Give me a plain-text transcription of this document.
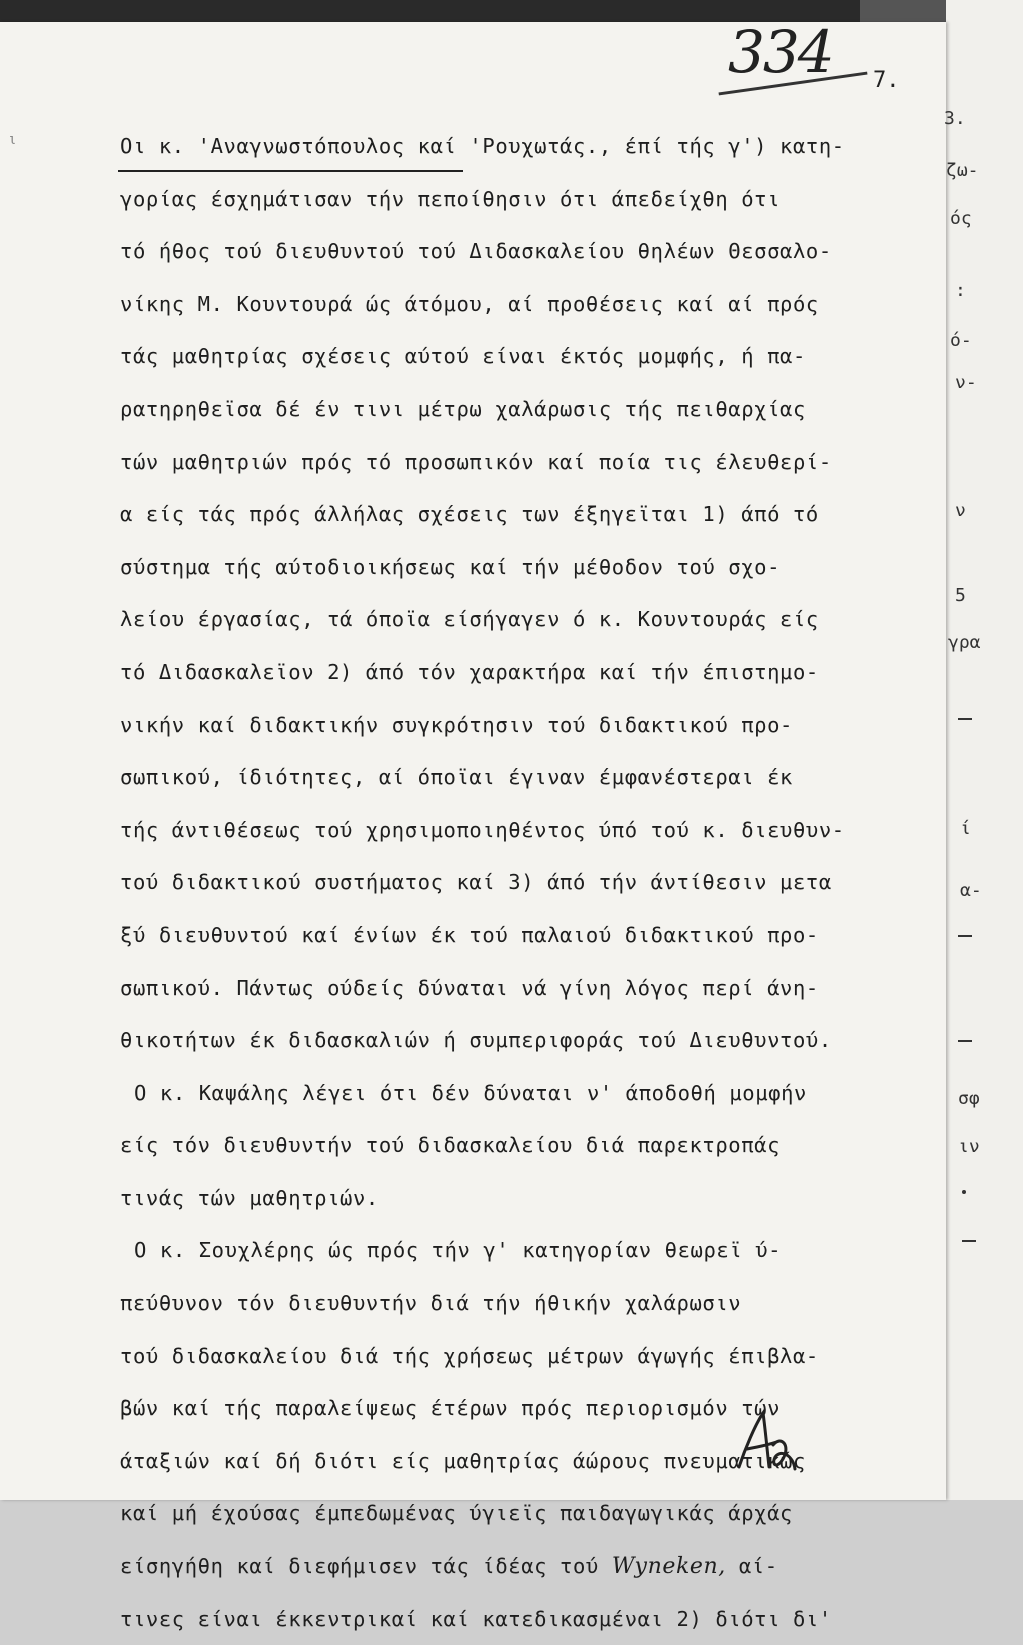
ι
334 7.
Οι κ. 'Αναγνωστόπουλος καί 'Ρουχωτάς., έπί τής γ') κατη-
γορίας έσχημάτισαν τήν πεποίθησιν ότι άπεδείχθη ότι
τό ήθος τού διευθυντού τού Διδασκαλείου θηλέων Θεσσαλο-
νίκης Μ. Κουντουρά ώς άτόμου, αί προθέσεις καί αί πρός
τάς μαθητρίας σχέσεις αύτού είναι έκτός μομφής, ή πα-
ρατηρηθεϊσα δέ έν τινι μέτρω χαλάρωσις τής πειθαρχίας
τών μαθητριών πρός τό προσωπικόν καί ποία τις έλευθερί-
α είς τάς πρός άλλήλας σχέσεις των έξηγεϊται 1) άπό τό
σύστημα τής αύτοδιοικήσεως καί τήν μέθοδον τού σχο-
λείου έργασίας, τά όποϊα είσήγαγεν ό κ. Κουντουράς είς
τό Διδασκαλεϊον 2) άπό τόν χαρακτήρα καί τήν έπιστημο-
νικήν καί διδακτικήν συγκρότησιν τού διδακτικού προ-
σωπικού, ίδιότητες, αί όποϊαι έγιναν έμφανέστεραι έκ
τής άντιθέσεως τού χρησιμοποιηθέντος ύπό τού κ. διευθυν-
τού διδακτικού συστήματος καί 3) άπό τήν άντίθεσιν μετα
ξύ διευθυντού καί ένίων έκ τού παλαιού διδακτικού προ-
σωπικού. Πάντως ούδείς δύναται νά γίνη λόγος περί άνη-
θικοτήτων έκ διδασκαλιών ή συμπεριφοράς τού Διευθυντού.
Ο κ. Καψάλης λέγει ότι δέν δύναται ν' άποδοθή μομφήν
είς τόν διευθυντήν τού διδασκαλείου διά παρεκτροπάς
τινάς τών μαθητριών.
Ο κ. Σουχλέρης ώς πρός τήν γ' κατηγορίαν θεωρεϊ ύ-
πεύθυνον τόν διευθυντήν διά τήν ήθικήν χαλάρωσιν
τού διδασκαλείου διά τής χρήσεως μέτρων άγωγής έπιβλα-
βών καί τής παραλείψεως έτέρων πρός περιορισμόν τών
άταξιών καί δή διότι είς μαθητρίας άώρους πνευματικώς
καί μή έχούσας έμπεδωμένας ύγιεϊς παιδαγωγικάς άρχάς
είσηγήθη καί διεφήμισεν τάς ίδέας τού Wyneken, αί-
τινες είναι έκκεντρικαί καί κατεδικασμέναι 2) διότι δι'
3.
ζω-
ός
:
ό-
ν-
ν
5
γρα
ί
α-
σφ
ιν
